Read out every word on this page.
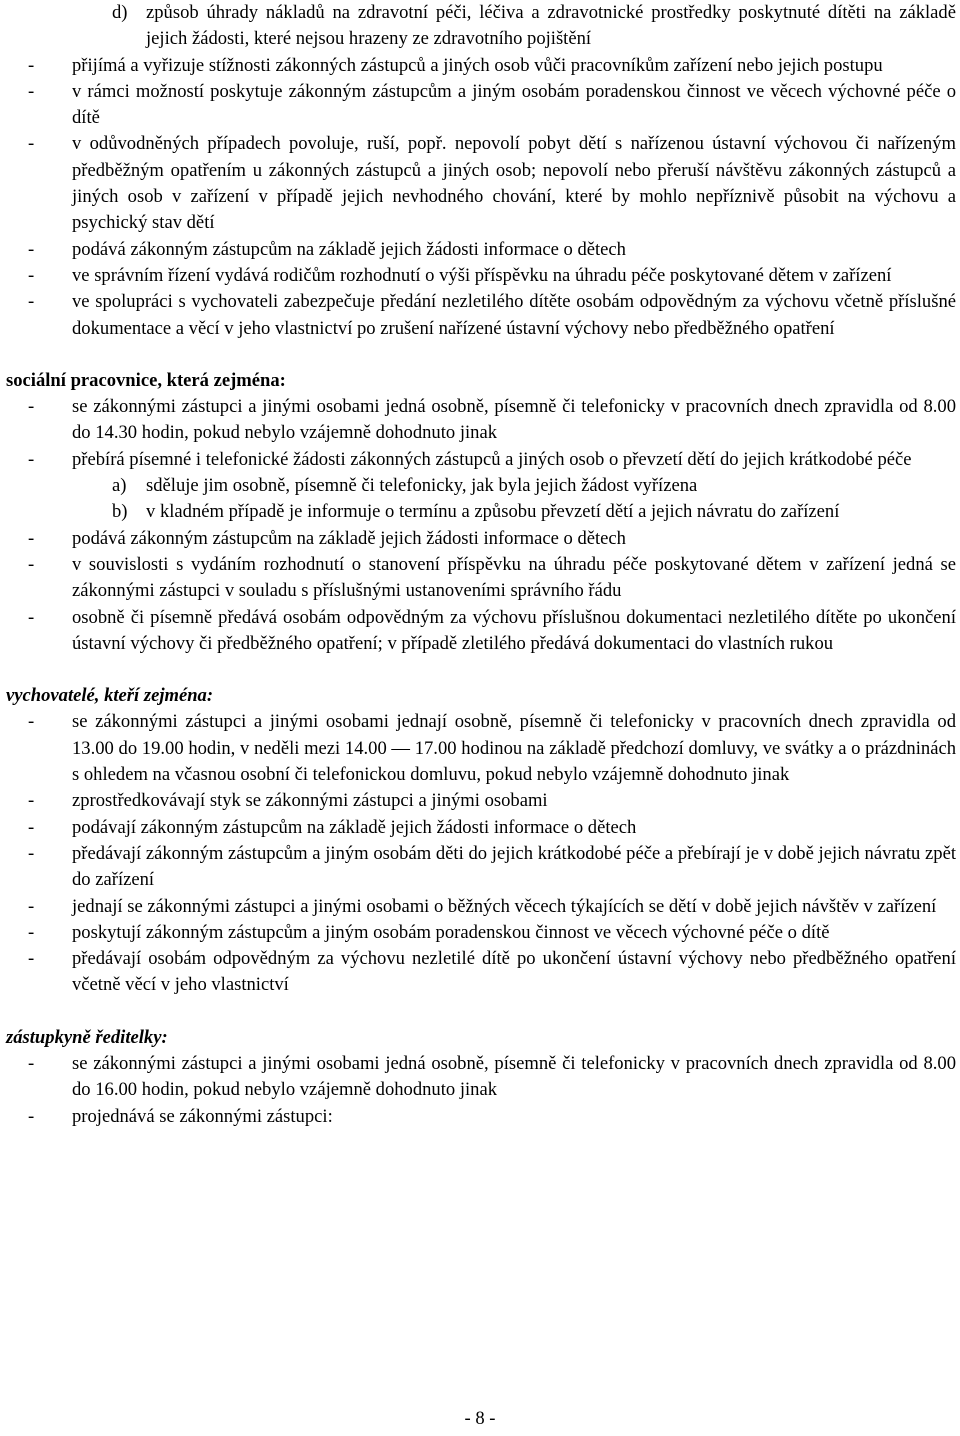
d) způsob úhrady nákladů na zdravotní péči, léčiva a zdravotnické prostředky poskytnuté dítěti na základě jejich žádosti, které nejsou hrazeny ze zdravotního pojištění
- přijímá a vyřizuje stížnosti zákonných zástupců a jiných osob vůči pracovníkům zařízení nebo jejich postupu
- v rámci možností poskytuje zákonným zástupcům a jiným osobám poradenskou činnost ve věcech výchovné péče o dítě
- v odůvodněných případech povoluje, ruší, popř. nepovolí pobyt dětí s nařízenou ústavní výchovou či nařízeným předběžným opatřením u zákonných zástupců a jiných osob; nepovolí nebo přeruší návštěvu zákonných zástupců a jiných osob v zařízení v případě jejich nevhodného chování, které by mohlo nepříznivě působit na výchovu a psychický stav dětí
- podává zákonným zástupcům na základě jejich žádosti informace o dětech
- ve správním řízení vydává rodičům rozhodnutí o výši příspěvku na úhradu péče poskytované dětem v zařízení
- ve spolupráci s vychovateli zabezpečuje předání nezletilého dítěte osobám odpovědným za výchovu včetně příslušné dokumentace a věcí v jeho vlastnictví po zrušení nařízené ústavní výchovy nebo předběžného opatření
sociální pracovnice, která zejména:
- se zákonnými zástupci a jinými osobami jedná osobně, písemně či telefonicky v pracovních dnech zpravidla od 8.00 do 14.30 hodin, pokud nebylo vzájemně dohodnuto jinak
- přebírá písemné i telefonické žádosti zákonných zástupců a jiných osob o převzetí dětí do jejich krátkodobé péče
a) sděluje jim osobně, písemně či telefonicky, jak byla jejich žádost vyřízena
b) v kladném případě je informuje o termínu a způsobu převzetí dětí a jejich návratu do zařízení
- podává zákonným zástupcům na základě jejich žádosti informace o dětech
- v souvislosti s vydáním rozhodnutí o stanovení příspěvku na úhradu péče poskytované dětem v zařízení jedná se zákonnými zástupci v souladu s příslušnými ustanoveními správního řádu
- osobně či písemně předává osobám odpovědným za výchovu příslušnou dokumentaci nezletilého dítěte po ukončení ústavní výchovy či předběžného opatření; v případě zletilého předává dokumentaci do vlastních rukou
vychovatelé, kteří zejména:
- se zákonnými zástupci a jinými osobami jednají osobně, písemně či telefonicky v pracovních dnech zpravidla od 13.00 do 19.00 hodin, v neděli mezi 14.00 — 17.00 hodinou na základě předchozí domluvy, ve svátky a o prázdninách s ohledem na včasnou osobní či telefonickou domluvu, pokud nebylo vzájemně dohodnuto jinak
- zprostředkovávají styk se zákonnými zástupci a jinými osobami
- podávají zákonným zástupcům na základě jejich žádosti informace o dětech
- předávají zákonným zástupcům a jiným osobám děti do jejich krátkodobé péče a přebírají je v době jejich návratu zpět do zařízení
- jednají se zákonnými zástupci a jinými osobami o běžných věcech týkajících se dětí v době jejich návštěv v zařízení
- poskytují zákonným zástupcům a jiným osobám poradenskou činnost ve věcech výchovné péče o dítě
- předávají osobám odpovědným za výchovu nezletilé dítě po ukončení ústavní výchovy nebo předběžného opatření včetně věcí v jeho vlastnictví
zástupkyně ředitelky:
- se zákonnými zástupci a jinými osobami jedná osobně, písemně či telefonicky v pracovních dnech zpravidla od 8.00 do 16.00 hodin, pokud nebylo vzájemně dohodnuto jinak
- projednává se zákonnými zástupci:
- 8 -
